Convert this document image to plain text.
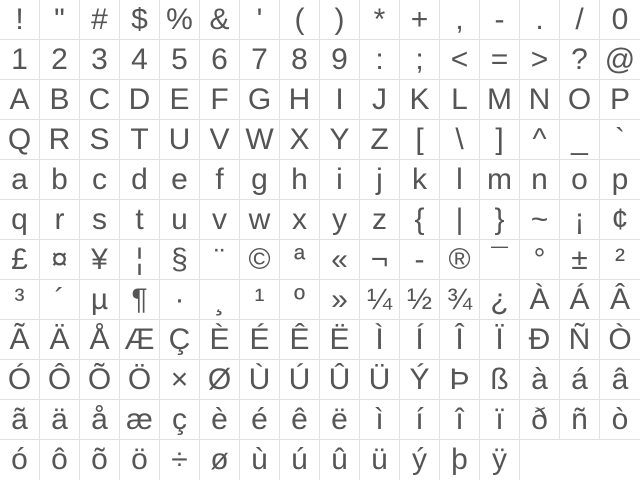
!	" # $ % & '	(	) * + ,	-	.	/ 0
1 2 3 4 5 6 7 8 9 :	; < = > ? @
A B C D E F G H I J K L M N O P
Q R S T U V W X Y Z [	\	] ^ _ `
a b c d e f g h i	j k l m n o p
q r s t u v w x y z {	|	} ~ ¡ ¢
£ ¤ ¥ ¦ § ¨ © ª « ¬ - ® ¯ ° ± ²
³	´ µ ¶ ·	¸	¹ º » ¼ ½ ¾ ¿ À Á Â
Ã Ä Å Æ Ç È É Ê Ë Ì	Í	Î	Ï Ð Ñ Ò
Ó Ô Õ Ö × Ø Ù Ú Û Ü Ý Þ ß à á â
ã ä å æ ç è é ê ë ì	í	î	ï ð ñ ò
ó ô õ ö ÷ ø ù ú û ü ý þ ÿ
